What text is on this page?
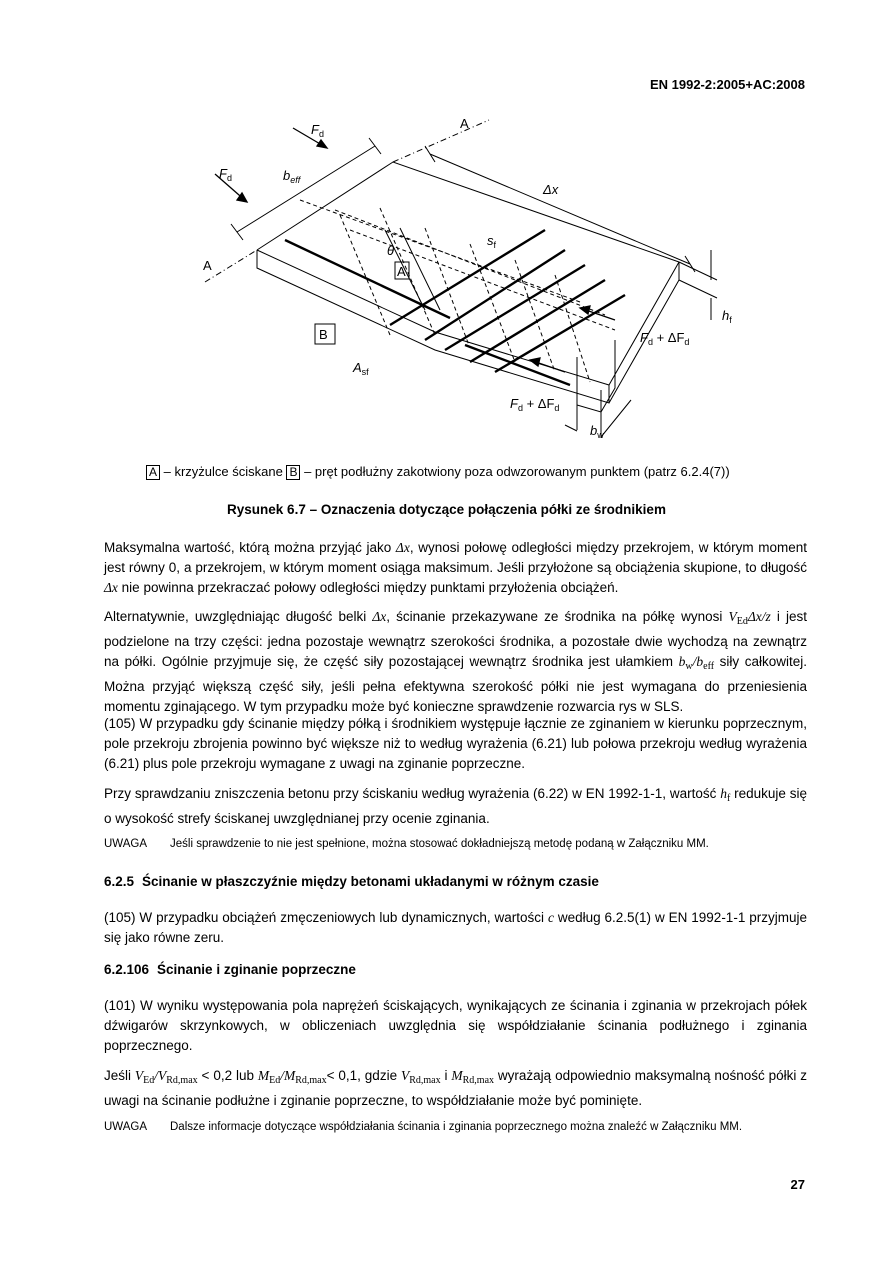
EN 1992-2:2005+AC:2008
$F_d$
$F_d$	$b_{eff}$
A
A
Δx
$s_f$
θ
A
B
$A_{sf}$
$h_f$
$F_d + \Delta F_d$
$F_d + \Delta F_d$
$b_w$
A – krzyżulce ściskane B – pręt podłużny zakotwiony poza odwzorowanym punktem (patrz 6.2.4(7))
Rysunek 6.7 – Oznaczenia dotyczące połączenia półki ze środnikiem
Maksymalna wartość, którą można przyjąć jako Δx, wynosi połowę odległości między przekrojem, w którym moment jest równy 0, a przekrojem, w którym moment osiąga maksimum. Jeśli przyłożone są obciążenia skupione, to długość Δx nie powinna przekraczać połowy odległości między punktami przyłożenia obciążeń.
Alternatywnie, uwzględniając długość belki Δx, ścinanie przekazywane ze środnika na półkę wynosi $V_{Ed}\Delta x/z$ i jest podzielone na trzy części: jedna pozostaje wewnątrz szerokości środnika, a pozostałe dwie wychodzą na zewnątrz na półki. Ogólnie przyjmuje się, że część siły pozostającej wewnątrz środnika jest ułamkiem $b_w/b_{eff}$ siły całkowitej. Można przyjąć większą część siły, jeśli pełna efektywna szerokość półki nie jest wymagana do przeniesienia momentu zginającego. W tym przypadku może być konieczne sprawdzenie rozwarcia rys w SLS.
(105) W przypadku gdy ścinanie między półką i środnikiem występuje łącznie ze zginaniem w kierunku poprzecznym, pole przekroju zbrojenia powinno być większe niż to według wyrażenia (6.21) lub połowa przekroju według wyrażenia (6.21) plus pole przekroju wymagane z uwagi na zginanie poprzeczne.
Przy sprawdzaniu zniszczenia betonu przy ściskaniu według wyrażenia (6.22) w EN 1992-1-1, wartość $h_f$ redukuje się o wysokość strefy ściskanej uwzględnianej przy ocenie zginania.
UWAGA Jeśli sprawdzenie to nie jest spełnione, można stosować dokładniejszą metodę podaną w Załączniku MM.
6.2.5 Ścinanie w płaszczyźnie między betonami układanymi w różnym czasie
(105) W przypadku obciążeń zmęczeniowych lub dynamicznych, wartości c według 6.2.5(1) w EN 1992-1-1 przyjmuje się jako równe zeru.
6.2.106 Ścinanie i zginanie poprzeczne
(101) W wyniku występowania pola naprężeń ściskających, wynikających ze ścinania i zginania w przekrojach półek dźwigarów skrzynkowych, w obliczeniach uwzględnia się współdziałanie ścinania podłużnego i zginania poprzecznego.
Jeśli $V_{Ed}/V_{Rd,max} < 0,2$ lub $M_{Ed}/M_{Rd,max}< 0,1$, gdzie $V_{Rd,max}$ i $M_{Rd,max}$ wyrażają odpowiednio maksymalną nośność półki z uwagi na ścinanie podłużne i zginanie poprzeczne, to współdziałanie może być pominięte.
UWAGA Dalsze informacje dotyczące współdziałania ścinania i zginania poprzecznego można znaleźć w Załączniku MM.
27
